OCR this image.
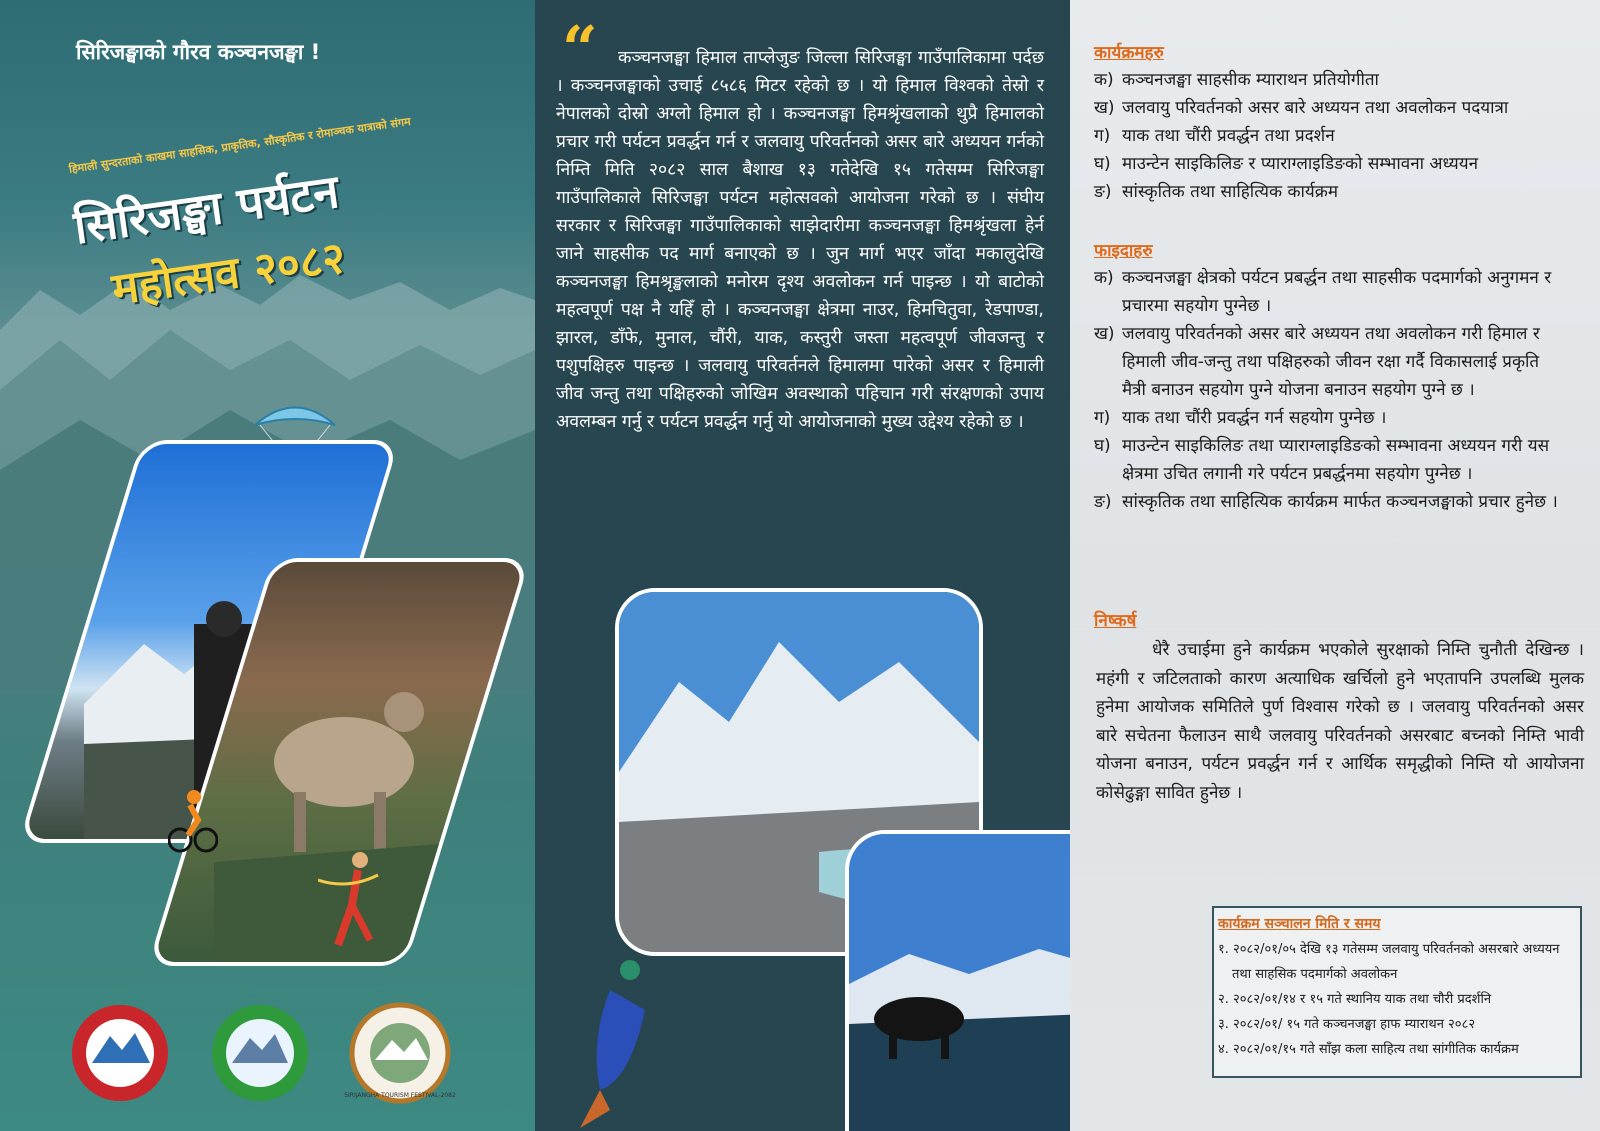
सिरिजङ्घाको गौरव कञ्चनजङ्घा !
हिमाली सुन्दरताको काखमा साहसिक, प्राकृतिक, सौस्कृतिक र रोमाञ्चक यात्राको संगम
सिरिजङ्घा पर्यटन
महोत्सव २०८२
SIRIJANGHA TOURISM FESTIVAL-2082
“	कञ्चनजङ्घा हिमाल ताप्लेजुङ जिल्ला सिरिजङ्घा गाउँपालिकामा पर्दछ । कञ्चनजङ्घाको उचाई ८५८६ मिटर रहेको छ । यो हिमाल विश्वको तेस्रो र नेपालको दोस्रो अग्लो हिमाल हो । कञ्चनजङ्घा हिमश्रृंखलाको थुप्रै हिमालको प्रचार गरी पर्यटन प्रवर्द्धन गर्न र जलवायु परिवर्तनको असर बारे अध्ययन गर्नको निम्ति मिति २०८२ साल बैशाख १३ गतेदेखि १५ गतेसम्म सिरिजङ्घा गाउँपालिकाले सिरिजङ्घा पर्यटन महोत्सवको आयोजना गरेको छ । संघीय सरकार र सिरिजङ्घा गाउँपालिकाको साझेदारीमा कञ्चनजङ्घा हिमश्रृंखला हेर्न जाने साहसीक पद मार्ग बनाएको छ । जुन मार्ग भएर जाँदा मकालुदेखि कञ्चनजङ्घा हिमश्रृङ्खलाको मनोरम दृश्य अवलोकन गर्न पाइन्छ । यो बाटोको महत्वपूर्ण पक्ष नै यहिँ हो । कञ्चनजङ्घा क्षेत्रमा नाउर, हिमचितुवा, रेडपाण्डा, झारल, डाँफे, मुनाल, चौंरी, याक, कस्तुरी जस्ता महत्वपूर्ण जीवजन्तु र पशुपक्षिहरु पाइन्छ । जलवायु परिवर्तनले हिमालमा पारेको असर र हिमाली जीव जन्तु तथा पक्षिहरुको जोखिम अवस्थाको पहिचान गरी संरक्षणको उपाय अवलम्बन गर्नु र पर्यटन प्रवर्द्धन गर्नु यो आयोजनाको मुख्य उद्देश्य रहेको छ ।

कार्यक्रमहरु
क) कञ्चनजङ्घा साहसीक म्याराथन प्रतियोगीता
ख) जलवायु परिवर्तनको असर बारे अध्ययन तथा अवलोकन पदयात्रा
ग) याक तथा चौंरी प्रवर्द्धन तथा प्रदर्शन
घ) माउन्टेन साइकिलिङ र प्याराग्लाइडिङको सम्भावना अध्ययन
ङ) सांस्कृतिक तथा साहित्यिक कार्यक्रम
फाइदाहरु
क) कञ्चनजङ्घा क्षेत्रको पर्यटन प्रबर्द्धन तथा साहसीक पदमार्गको अनुगमन र प्रचारमा सहयोग पुग्नेछ ।
ख) जलवायु परिवर्तनको असर बारे अध्ययन तथा अवलोकन गरी हिमाल र हिमाली जीव-जन्तु तथा पक्षिहरुको जीवन रक्षा गर्दै विकासलाई प्रकृति मैत्री बनाउन सहयोग पुग्ने योजना बनाउन सहयोग पुग्ने छ ।
ग) याक तथा चौंरी प्रवर्द्धन गर्न सहयोग पुग्नेछ ।
घ) माउन्टेन साइकिलिङ तथा प्याराग्लाइडिङको सम्भावना अध्ययन गरी यस क्षेत्रमा उचित लगानी गरे पर्यटन प्रबर्द्धनमा सहयोग पुग्नेछ ।
ङ) सांस्कृतिक तथा साहित्यिक कार्यक्रम मार्फत कञ्चनजङ्घाको प्रचार हुनेछ ।
निष्कर्ष

धेरै उचाईमा हुने कार्यक्रम भएकोले सुरक्षाको निम्ति चुनौती देखिन्छ । महंगी र जटिलताको कारण अत्याधिक खर्चिलो हुने भएतापनि उपलब्धि मुलक हुनेमा आयोजक समितिले पुर्ण विश्वास गरेको छ । जलवायु परिवर्तनको असर बारे सचेतना फैलाउन साथै जलवायु परिवर्तनको असरबाट बच्नको निम्ति भावी योजना बनाउन, पर्यटन प्रवर्द्धन गर्न र आर्थिक समृद्धीको निम्ति यो आयोजना कोसेढुङ्गा सावित हुनेछ ।

कार्यक्रम सञ्चालन मिति र समय
१. २०८२/०१/०५ देखि १३ गतेसम्म जलवायु परिवर्तनको असरबारे अध्ययन तथा साहसिक पदमार्गको अवलोकन
२. २०८२/०१/१४ र १५ गते स्थानिय याक तथा चौरी प्रदर्शनि
३. २०८२/०१/ १५ गते कञ्चनजङ्घा हाफ म्याराथन २०८२
४. २०८२/०१/१५ गते साँझ कला साहित्य तथा सांगीतिक कार्यक्रम
